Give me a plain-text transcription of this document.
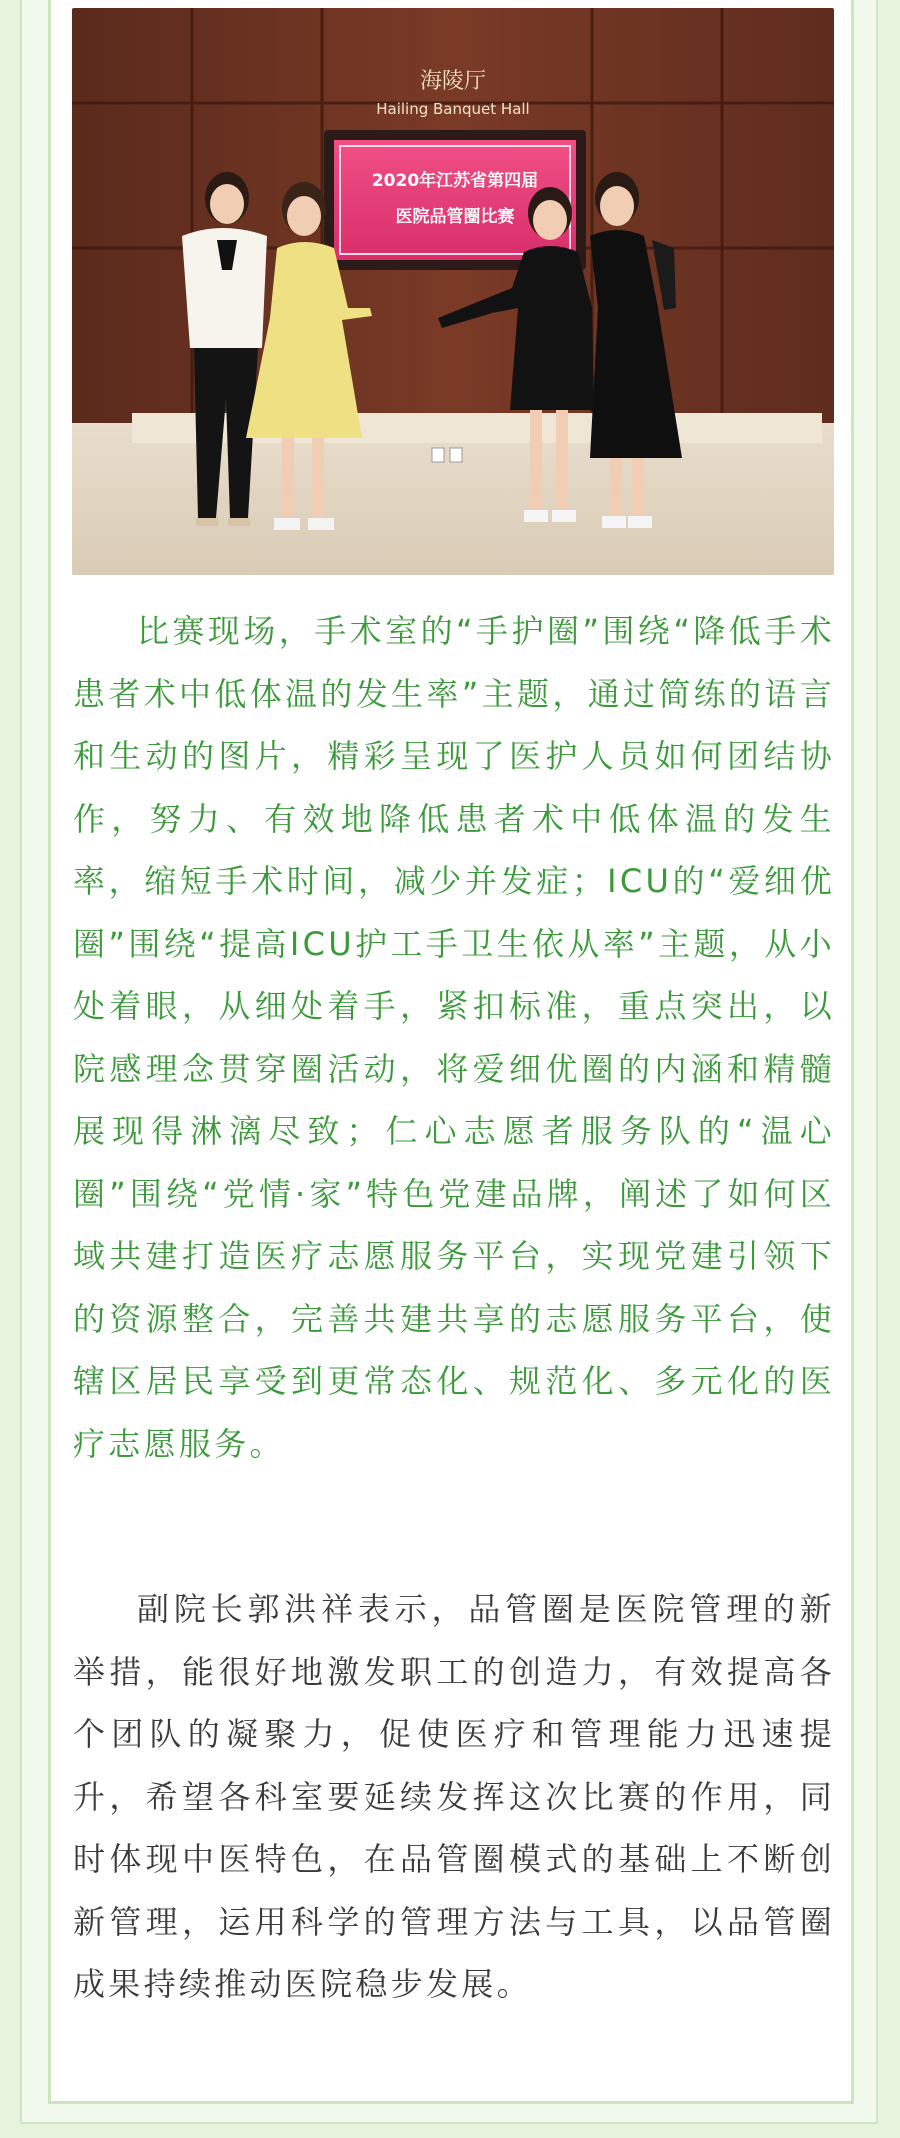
海陵厅
Hailing Banquet Hall
2020年江苏省第四届
医院品管圈比赛

比赛现场，手术室的“手护圈”围绕“降低手术患者术中低体温的发生率”主题，通过简练的语言和生动的图片，精彩呈现了医护人员如何团结协作，努力、有效地降低患者术中低体温的发生率，缩短手术时间，减少并发症；ICU的“爱细优圈”围绕“提高ICU护工手卫生依从率”主题，从小处着眼，从细处着手，紧扣标准，重点突出，以院感理念贯穿圈活动，将爱细优圈的内涵和精髓展现得淋漓尽致；仁心志愿者服务队的“温心圈”围绕“党情·家”特色党建品牌，阐述了如何区域共建打造医疗志愿服务平台，实现党建引领下的资源整合，完善共建共享的志愿服务平台，使辖区居民享受到更常态化、规范化、多元化的医疗志愿服务。

副院长郭洪祥表示，品管圈是医院管理的新举措，能很好地激发职工的创造力，有效提高各个团队的凝聚力，促使医疗和管理能力迅速提升，希望各科室要延续发挥这次比赛的作用，同时体现中医特色，在品管圈模式的基础上不断创新管理，运用科学的管理方法与工具，以品管圈成果持续推动医院稳步发展。
